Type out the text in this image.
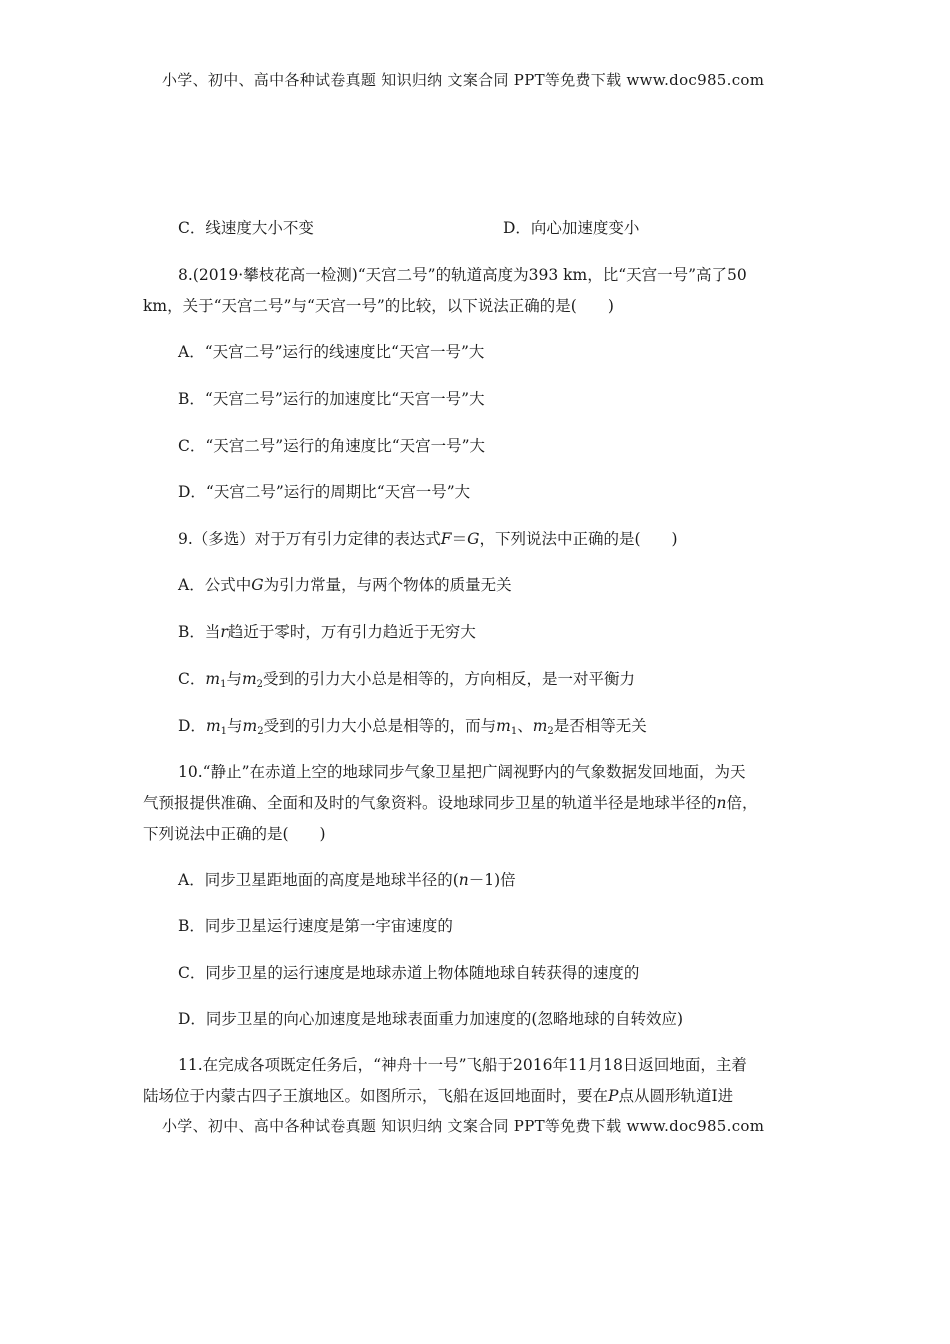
小学、初中、高中各种试卷真题 知识归纳 文案合同 PPT等免费下载 www.doc985.com
C．线速度大小不变	D．向心加速度变小
8.(2019·攀枝花高一检测)“天宫二号”的轨道高度为393 km，比“天宫一号”高了50
km，关于“天宫二号”与“天宫一号”的比较，以下说法正确的是(　　)
A．“天宫二号”运行的线速度比“天宫一号”大
B．“天宫二号”运行的加速度比“天宫一号”大
C．“天宫二号”运行的角速度比“天宫一号”大
D．“天宫二号”运行的周期比“天宫一号”大
9.（多选）对于万有引力定律的表达式F＝G，下列说法中正确的是(　　)
A．公式中G为引力常量，与两个物体的质量无关
B．当r趋近于零时，万有引力趋近于无穷大
C．$m_1$与$m_2$受到的引力大小总是相等的，方向相反，是一对平衡力
D．$m_1$与$m_2$受到的引力大小总是相等的，而与$m_1$、$m_2$是否相等无关
10.“静止”在赤道上空的地球同步气象卫星把广阔视野内的气象数据发回地面，为天
气预报提供准确、全面和及时的气象资料。设地球同步卫星的轨道半径是地球半径的n倍，
下列说法中正确的是(　　)
A．同步卫星距地面的高度是地球半径的(n－1)倍
B．同步卫星运行速度是第一宇宙速度的
C．同步卫星的运行速度是地球赤道上物体随地球自转获得的速度的
D．同步卫星的向心加速度是地球表面重力加速度的(忽略地球的自转效应)
11.在完成各项既定任务后，“神舟十一号”飞船于2016年11月18日返回地面，主着
陆场位于内蒙古四子王旗地区。如图所示，飞船在返回地面时，要在P点从圆形轨道Ⅰ进
小学、初中、高中各种试卷真题 知识归纳 文案合同 PPT等免费下载 www.doc985.com
